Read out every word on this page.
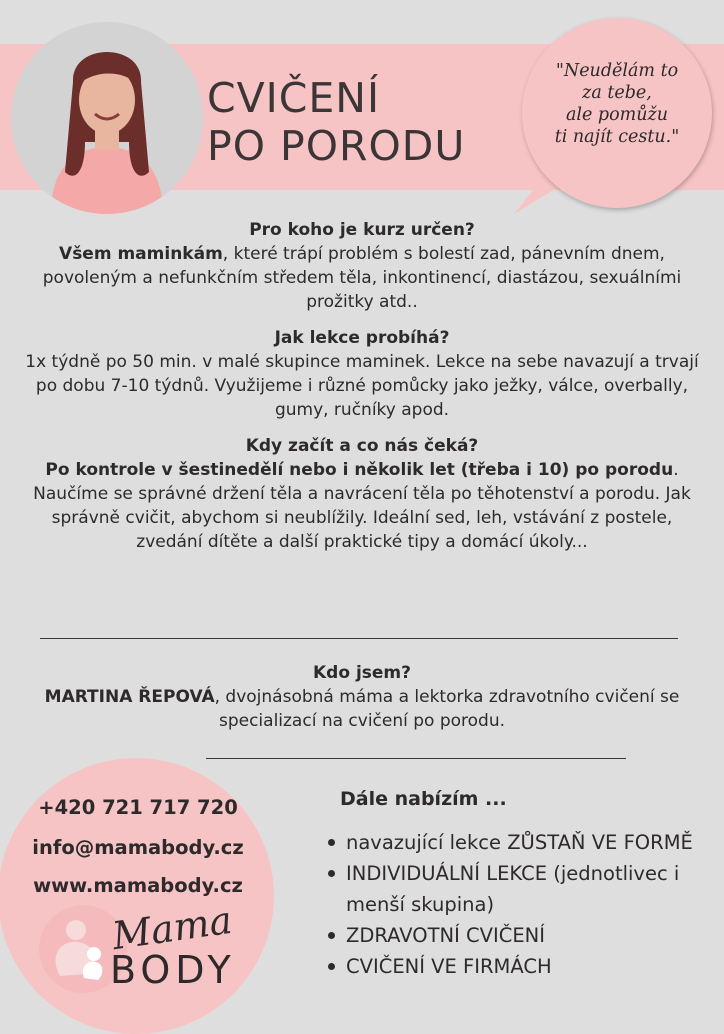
CVIČENÍ
PO PORODU

"Neudělám to
za tebe,
ale pomůžu
ti najít cestu."

Pro koho je kurz určen?

Všem maminkám, které trápí problém s bolestí zad, pánevním dnem, povoleným a nefunkčním středem těla, inkontinencí, diastázou, sexuálními prožitky atd..

Jak lekce probíhá?

1x týdně po 50 min. v malé skupince maminek. Lekce na sebe navazují a trvají po dobu 7-10 týdnů. Využijeme i různé pomůcky jako ježky, válce, overbally, gumy, ručníky apod.

Kdy začít a co nás čeká?

Po kontrole v šestinedělí nebo i několik let (třeba i 10) po porodu. Naučíme se správné držení těla a navrácení těla po těhotenství a porodu. Jak správně cvičit, abychom si neublížily. Ideální sed, leh, vstávání z postele, zvedání dítěte a další praktické tipy a domácí úkoly...

Kdo jsem?

MARTINA ŘEPOVÁ, dvojnásobná máma a lektorka zdravotního cvičení se specializací na cvičení po porodu.

+420 721 717 720
info@mamabody.cz
www.mamabody.cz

Mama

BODY

Dále nabízím ...
navazující lekce ZŮSTAŇ VE FORMĚ
INDIVIDUÁLNÍ LEKCE (jednotlivec i menší skupina)
ZDRAVOTNÍ CVIČENÍ
CVIČENÍ VE FIRMÁCH
